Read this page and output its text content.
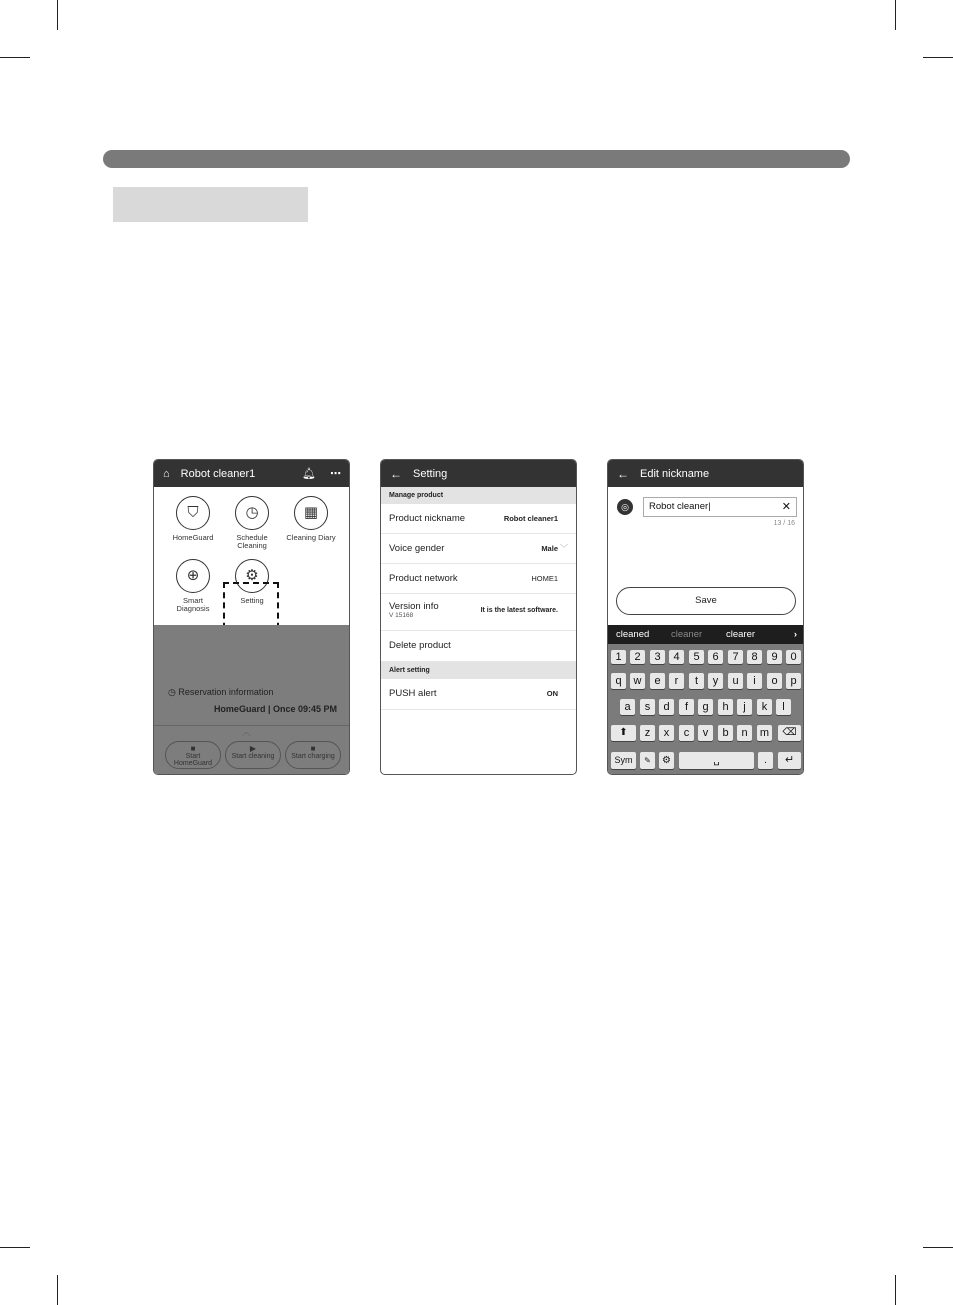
⌂ Robot cleaner1	🔔︎ ⋯
⛉
HomeGuard
◷
Schedule Cleaning
▦
Cleaning Diary
⊕
Smart Diagnosis
⚙
Setting
◷ Reservation information
HomeGuard | Once 09:45 PM
︿
■
Start HomeGuard
▶
Start cleaning
■
Start charging
← Setting
Manage product
Product nickname	Robot cleaner1
Voice gender	Male ﹀
Product network	HOME1
Version info
V 15168
It is the latest software.
Delete product
Alert setting
PUSH alert	ON
← Edit nickname
◎	Robot cleaner|	✕
13 / 16
Save
cleaned cleaner	clearer	›
1	2	3	4	5	6	7	8	9	0
q	w	e	r	t	y	u	i	o	p
a	s	d	f	g	h	j	k	l
⬆	z	x	c	v	b	n	m	⌫
Sym	✎	⚙	␣	.	↵
